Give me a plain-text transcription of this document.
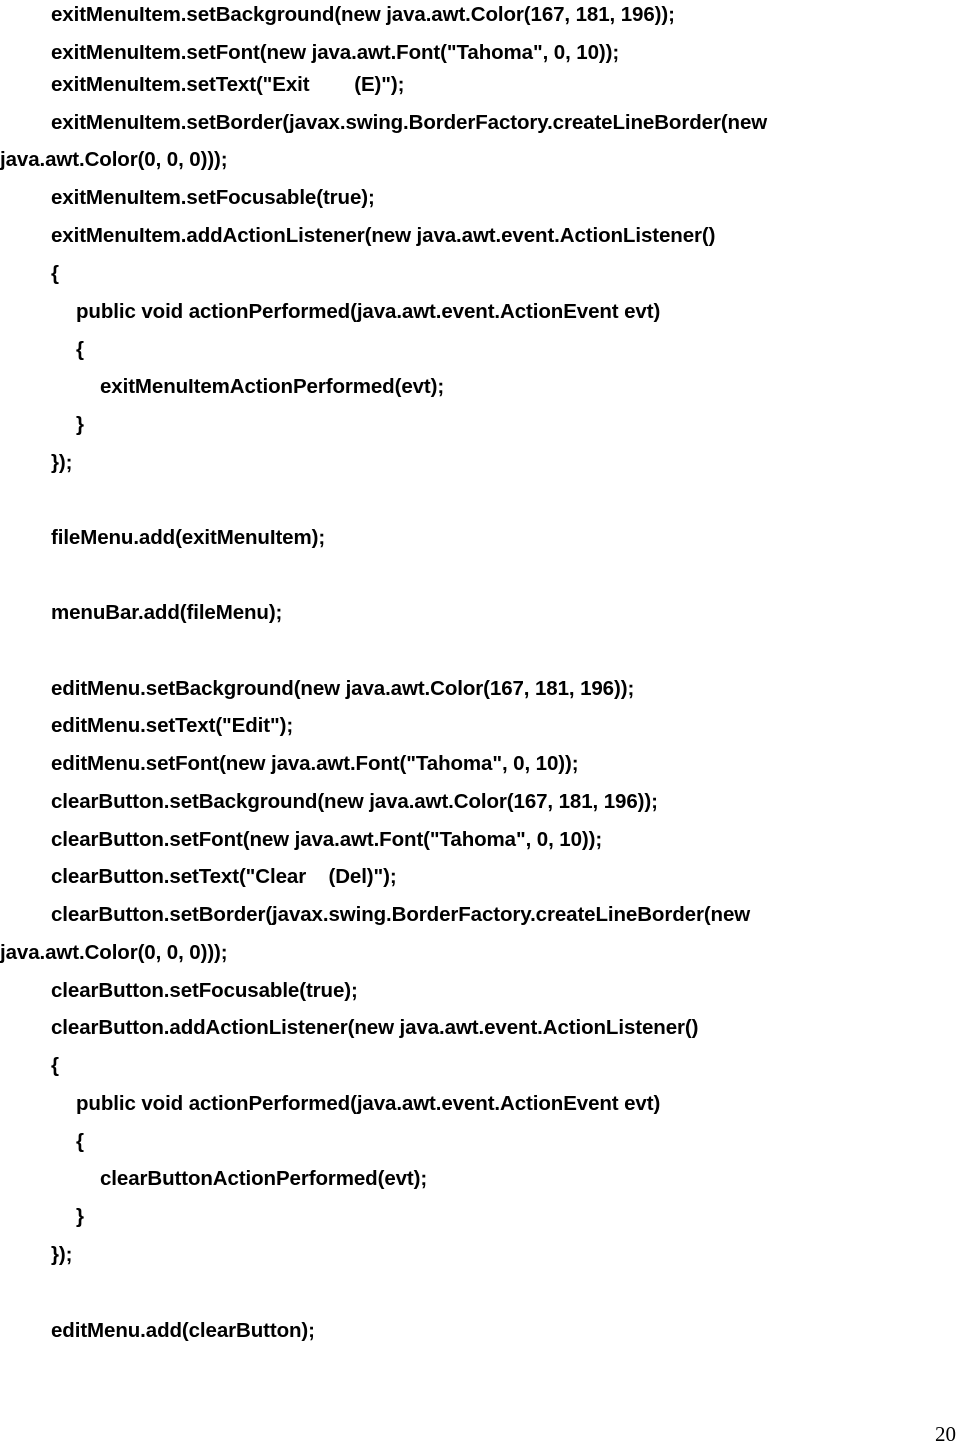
exitMenuItem.setBackground(new java.awt.Color(167, 181, 196));
exitMenuItem.setFont(new java.awt.Font("Tahoma", 0, 10));
exitMenuItem.setText("Exit        (E)");
exitMenuItem.setBorder(javax.swing.BorderFactory.createLineBorder(new
java.awt.Color(0, 0, 0)));
exitMenuItem.setFocusable(true);
exitMenuItem.addActionListener(new java.awt.event.ActionListener()
{
public void actionPerformed(java.awt.event.ActionEvent evt)
{
exitMenuItemActionPerformed(evt);
}
});
fileMenu.add(exitMenuItem);
menuBar.add(fileMenu);
editMenu.setBackground(new java.awt.Color(167, 181, 196));
editMenu.setText("Edit");
editMenu.setFont(new java.awt.Font("Tahoma", 0, 10));
clearButton.setBackground(new java.awt.Color(167, 181, 196));
clearButton.setFont(new java.awt.Font("Tahoma", 0, 10));
clearButton.setText("Clear    (Del)");
clearButton.setBorder(javax.swing.BorderFactory.createLineBorder(new
java.awt.Color(0, 0, 0)));
clearButton.setFocusable(true);
clearButton.addActionListener(new java.awt.event.ActionListener()
{
public void actionPerformed(java.awt.event.ActionEvent evt)
{
clearButtonActionPerformed(evt);
}
});
editMenu.add(clearButton);
20
